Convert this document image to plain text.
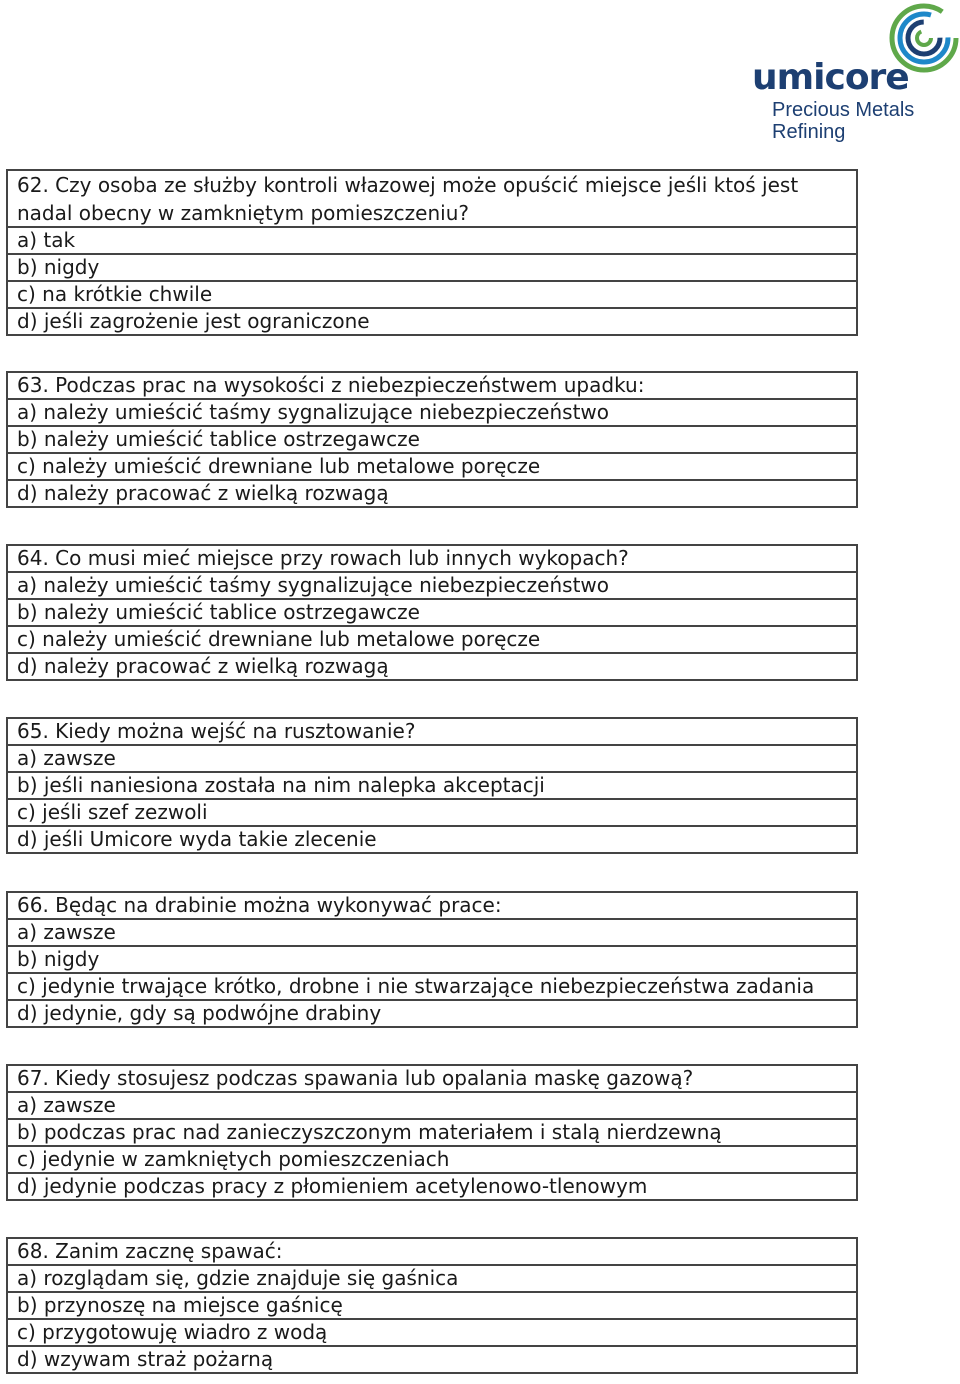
umicore
Precious Metals
Refining
62. Czy osoba ze służby kontroli włazowej może opuścić miejsce jeśli ktoś jest nadal obecny w zamkniętym pomieszczeniu?
a) tak
b) nigdy
c) na krótkie chwile
d) jeśli zagrożenie jest ograniczone
63. Podczas prac na wysokości z niebezpieczeństwem upadku:
a) należy umieścić taśmy sygnalizujące niebezpieczeństwo
b) należy umieścić tablice ostrzegawcze
c) należy umieścić drewniane lub metalowe poręcze
d) należy pracować z wielką rozwagą
64. Co musi mieć miejsce przy rowach lub innych wykopach?
a) należy umieścić taśmy sygnalizujące niebezpieczeństwo
b) należy umieścić tablice ostrzegawcze
c) należy umieścić drewniane lub metalowe poręcze
d) należy pracować z wielką rozwagą
65. Kiedy można wejść na rusztowanie?
a) zawsze
b) jeśli naniesiona została na nim nalepka akceptacji
c) jeśli szef zezwoli
d) jeśli Umicore wyda takie zlecenie
66. Będąc na drabinie można wykonywać prace:
a) zawsze
b) nigdy
c) jedynie trwające krótko, drobne i nie stwarzające niebezpieczeństwa zadania
d) jedynie, gdy są podwójne drabiny
67. Kiedy stosujesz podczas spawania lub opalania maskę gazową?
a) zawsze
b) podczas prac nad zanieczyszczonym materiałem i stalą nierdzewną
c) jedynie w zamkniętych pomieszczeniach
d) jedynie podczas pracy z płomieniem acetylenowo-tlenowym
68. Zanim zacznę spawać:
a) rozglądam się, gdzie znajduje się gaśnica
b) przynoszę na miejsce gaśnicę
c) przygotowuję wiadro z wodą
d) wzywam straż pożarną
